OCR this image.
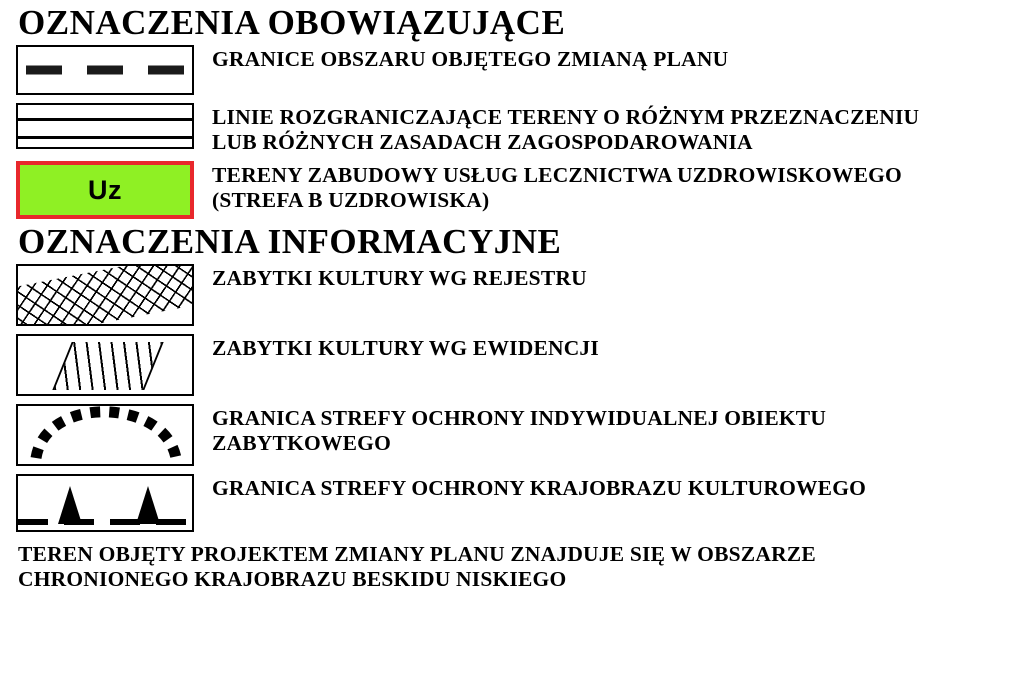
OZNACZENIA OBOWIĄZUJĄCE
GRANICE OBSZARU OBJĘTEGO ZMIANĄ PLANU
LINIE ROZGRANICZAJĄCE TERENY O RÓŻNYM PRZEZNACZENIU
LUB RÓŻNYCH ZASADACH ZAGOSPODAROWANIA
Uz	TERENY ZABUDOWY USŁUG LECZNICTWA UZDROWISKOWEGO
(STREFA B UZDROWISKA)
OZNACZENIA INFORMACYJNE
ZABYTKI KULTURY WG REJESTRU
ZABYTKI KULTURY WG EWIDENCJI
GRANICA STREFY OCHRONY INDYWIDUALNEJ OBIEKTU
ZABYTKOWEGO
GRANICA STREFY OCHRONY KRAJOBRAZU KULTUROWEGO
TEREN OBJĘTY PROJEKTEM ZMIANY PLANU ZNAJDUJE SIĘ W OBSZARZE
CHRONIONEGO KRAJOBRAZU BESKIDU NISKIEGO
